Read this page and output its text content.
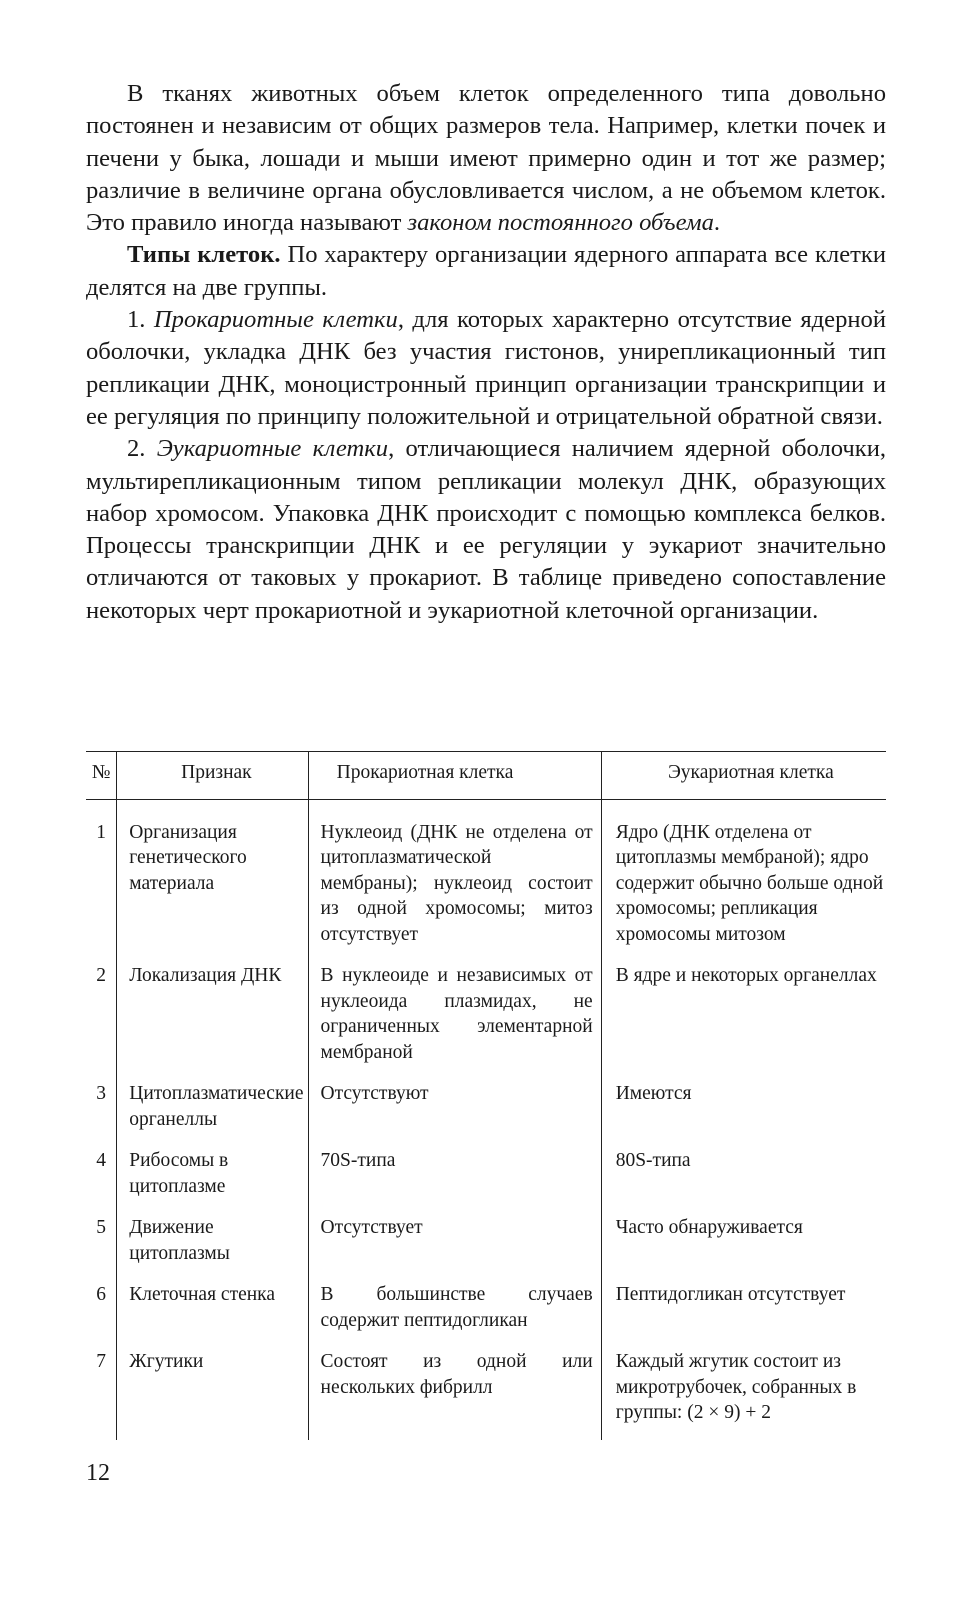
В тканях животных объем клеток определенного типа довольно постоянен и независим от общих размеров тела. Например, клетки почек и печени у быка, лошади и мыши имеют примерно один и тот же размер; различие в величине органа обусловливается числом, а не объемом клеток. Это правило иногда называют законом постоянного объема.

Типы клеток. По характеру организации ядерного аппарата все клетки делятся на две группы.

1. Прокариотные клетки, для которых характерно отсутствие ядерной оболочки, укладка ДНК без участия гистонов, унирепликационный тип репликации ДНК, моноцистронный принцип организации транскрипции и ее регуляция по принципу положительной и отрицательной обратной связи.

2. Эукариотные клетки, отличающиеся наличием ядерной оболочки, мультирепликационным типом репликации молекул ДНК, образующих набор хромосом. Упаковка ДНК происходит с помощью комплекса белков. Процессы транскрипции ДНК и ее регуляции у эукариот значительно отличаются от таковых у прокариот. В таблице приведено сопоставление некоторых черт прокариотной и эукариотной клеточной организации.

№	Признак	Прокариотная клетка	Эукариотная клетка

1	Организация генетического материала	Нуклеоид (ДНК не отделена от цитоплазматической мембраны); нуклеоид состоит из одной хромосомы; митоз отсутствует	Ядро (ДНК отделена от цитоплазмы мембраной); ядро содержит обычно больше одной хромосомы; репликация хромосомы митозом
2	Локализация ДНК	В нуклеоиде и независимых от нуклеоида плазмидах, не ограниченных элементарной мембраной	В ядре и некоторых органеллах
3	Цитоплазматические органеллы	Отсутствуют	Имеются
4	Рибосомы в цитоплазме	70S-типа	80S-типа
5	Движение цитоплазмы	Отсутствует	Часто обнаруживается
6	Клеточная стенка	В большинстве случаев содержит пептидогликан	Пептидогликан отсутствует
7	Жгутики	Состоят из одной или нескольких фибрилл	Каждый жгутик состоит из микротрубочек, собранных в группы: (2 × 9) + 2
12
